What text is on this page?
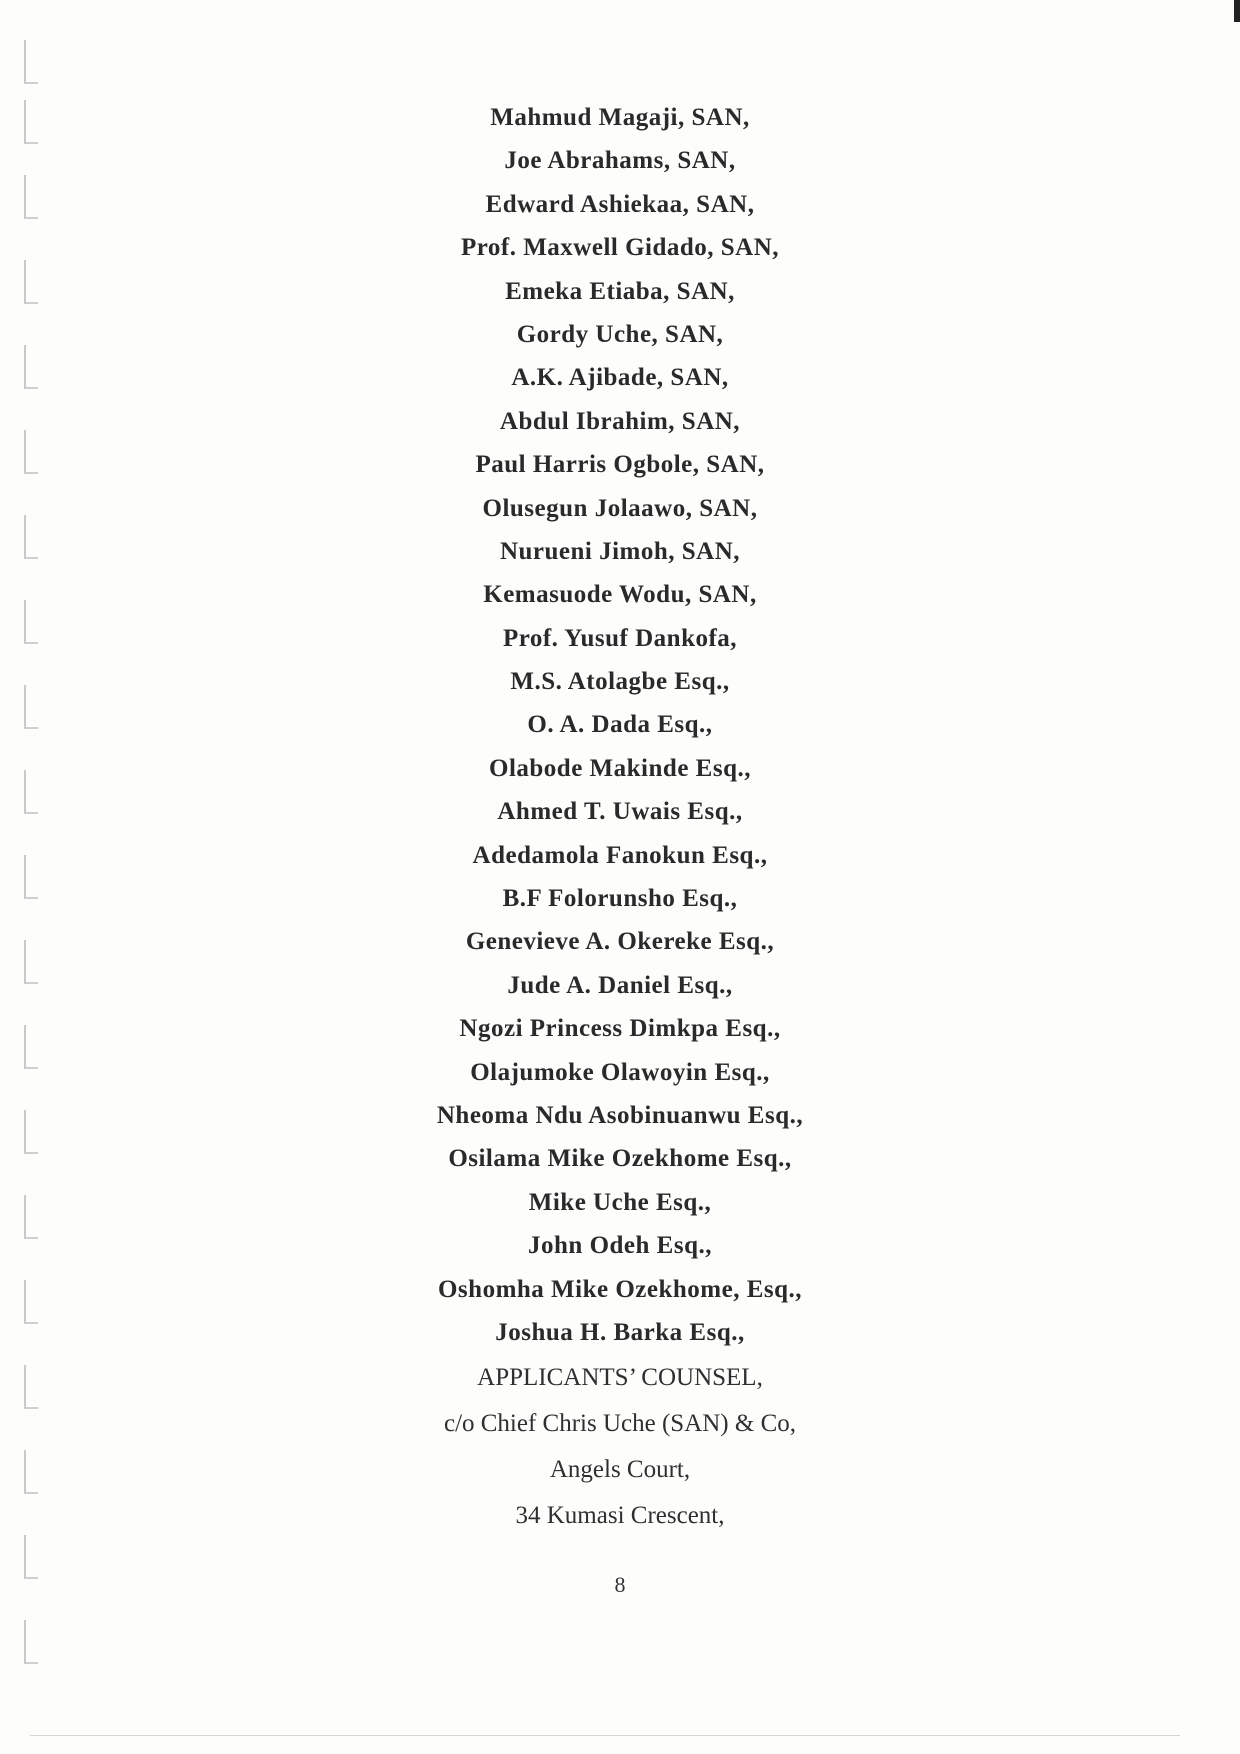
Mahmud Magaji, SAN,
Joe Abrahams, SAN,
Edward Ashiekaa, SAN,
Prof. Maxwell Gidado, SAN,
Emeka Etiaba, SAN,
Gordy Uche, SAN,
A.K. Ajibade, SAN,
Abdul Ibrahim, SAN,
Paul Harris Ogbole, SAN,
Olusegun Jolaawo, SAN,
Nurueni Jimoh, SAN,
Kemasuode Wodu, SAN,
Prof. Yusuf Dankofa,
M.S. Atolagbe Esq.,
O. A. Dada Esq.,
Olabode Makinde Esq.,
Ahmed T. Uwais Esq.,
Adedamola Fanokun Esq.,
B.F Folorunsho Esq.,
Genevieve A. Okereke Esq.,
Jude A. Daniel Esq.,
Ngozi Princess Dimkpa Esq.,
Olajumoke Olawoyin Esq.,
Nheoma Ndu Asobinuanwu Esq.,
Osilama Mike Ozekhome Esq.,
Mike Uche Esq.,
John Odeh Esq.,
Oshomha Mike Ozekhome, Esq.,
Joshua H. Barka Esq.,
APPLICANTS’ COUNSEL,
c/o Chief Chris Uche (SAN) & Co,
Angels Court,
34 Kumasi Crescent,
8
